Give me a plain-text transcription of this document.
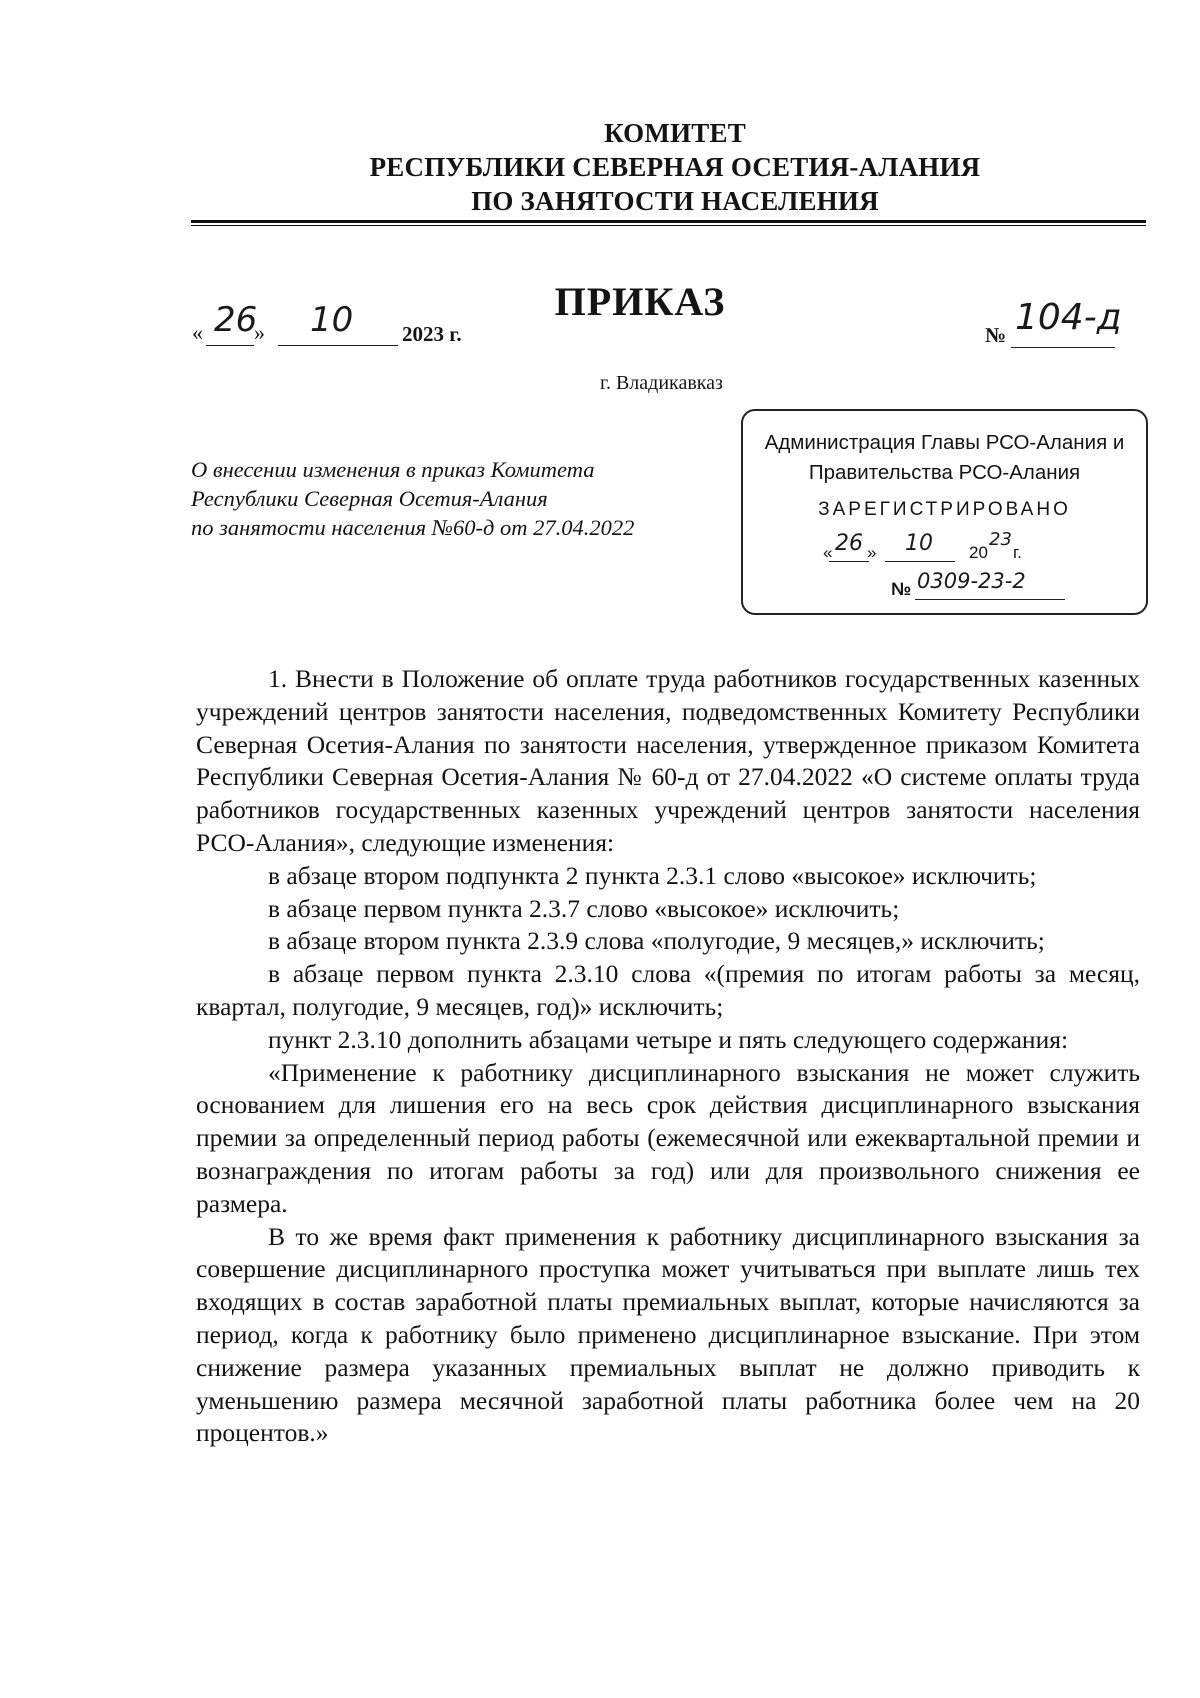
КОМИТЕТ
РЕСПУБЛИКИ СЕВЕРНАЯ ОСЕТИЯ-АЛАНИЯ
ПО ЗАНЯТОСТИ НАСЕЛЕНИЯ
ПРИКАЗ
« 26
» 10 2023 г.	№ 104-д
г. Владикавказ
О внесении изменения в приказ Комитета
Республики Северная Осетия-Алания
по занятости населения №60-д от 27.04.2022
Администрация Главы РСО-Алания и
Правительства РСО-Алания
ЗАРЕГИСТРИРОВАНО
« 26 » 10 20
23
г.
№ 0309-23-2

1. Внести в Положение об оплате труда работников государственных казенных учреждений центров занятости населения, подведомственных Комитету Республики Северная Осетия-Алания по занятости населения, утвержденное приказом Комитета Республики Северная Осетия-Алания № 60-д от 27.04.2022 «О системе оплаты труда работников государственных казенных учреждений центров занятости населения РСО-Алания», следующие изменения:

в абзаце втором подпункта 2 пункта 2.3.1 слово «высокое» исключить;

в абзаце первом пункта 2.3.7 слово «высокое» исключить;

в абзаце втором пункта 2.3.9 слова «полугодие, 9 месяцев,» исключить;

в абзаце первом пункта 2.3.10 слова «(премия по итогам работы за месяц, квартал, полугодие, 9 месяцев, год)» исключить;

пункт 2.3.10 дополнить абзацами четыре и пять следующего содержания:

«Применение к работнику дисциплинарного взыскания не может служить основанием для лишения его на весь срок действия дисциплинарного взыскания премии за определенный период работы (ежемесячной или ежеквартальной премии и вознаграждения по итогам работы за год) или для произвольного снижения ее размера.

В то же время факт применения к работнику дисциплинарного взыскания за совершение дисциплинарного проступка может учитываться при выплате лишь тех входящих в состав заработной платы премиальных выплат, которые начисляются за период, когда к работнику было применено дисциплинарное взыскание. При этом снижение размера указанных премиальных выплат не должно приводить к уменьшению размера месячной заработной платы работника более чем на 20 процентов.»
